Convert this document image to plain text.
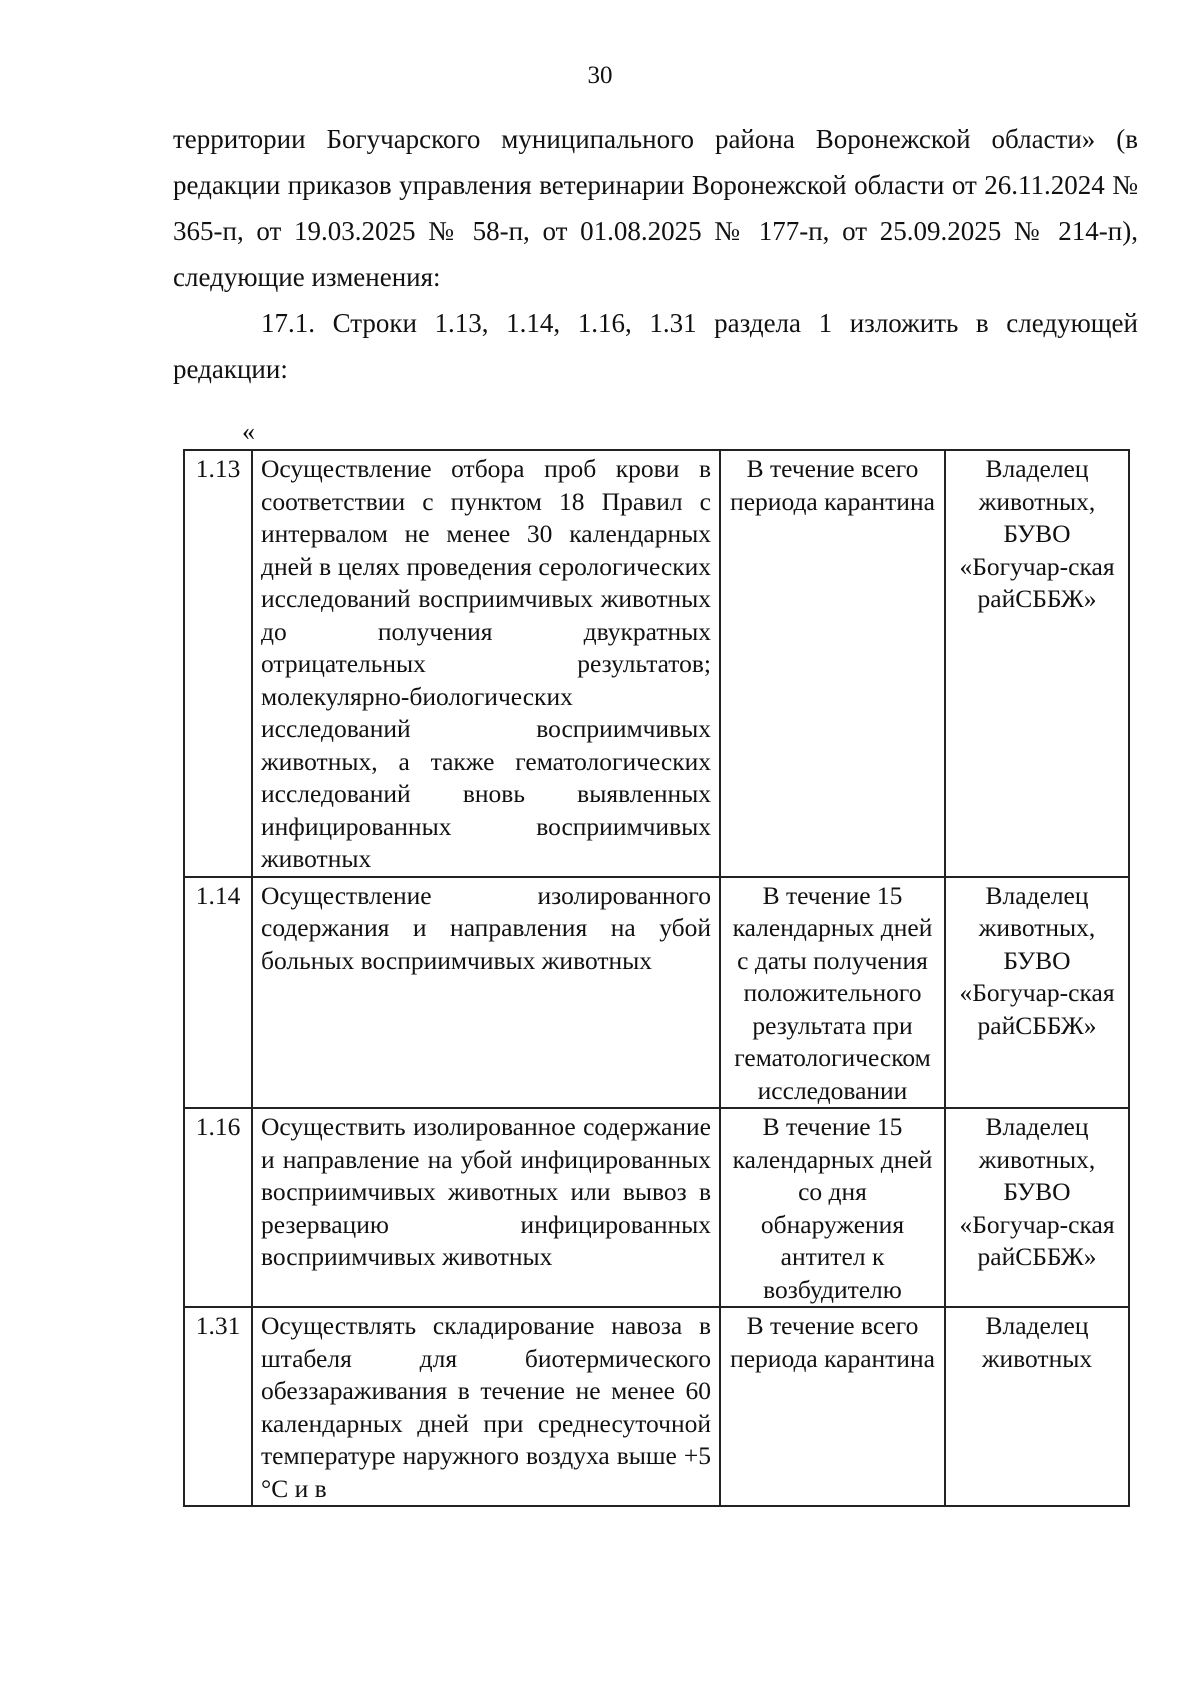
30

территории Богучарского муниципального района Воронежской области» (в редакции приказов управления ветеринарии Воронежской области от 26.11.2024 № 365-п, от 19.03.2025 № 58-п, от 01.08.2025 № 177-п, от 25.09.2025 № 214-п), следующие изменения:

17.1. Строки 1.13, 1.14, 1.16, 1.31 раздела 1 изложить в следующей редакции:

«
1.13	Осуществление отбора проб крови в соответствии с пунктом 18 Правил с интервалом не менее 30 календарных дней в целях проведения серологических исследований восприимчивых животных до получения двукратных отрицательных результатов; молекулярно-биологических исследований восприимчивых животных, а также гематологических исследований вновь выявленных инфицированных восприимчивых животных	В течение всего периода карантина	Владелец животных, БУВО «Богучар-ская райСББЖ»
1.14	Осуществление изолированного содержания и направления на убой больных восприимчивых животных	В течение 15 календарных дней с даты получения положительного результата при гематологическом исследовании	Владелец животных, БУВО «Богучар-ская райСББЖ»
1.16	Осуществить изолированное содержание и направление на убой инфицированных восприимчивых животных или вывоз в резервацию инфицированных восприимчивых животных	В течение 15 календарных дней со дня обнаружения антител к возбудителю	Владелец животных, БУВО «Богучар-ская райСББЖ»
1.31	Осуществлять складирование навоза в штабеля для биотермического обеззараживания в течение не менее 60 календарных дней при среднесуточной температуре наружного воздуха выше +5 °С и в	В течение всего периода карантина	Владелец животных
